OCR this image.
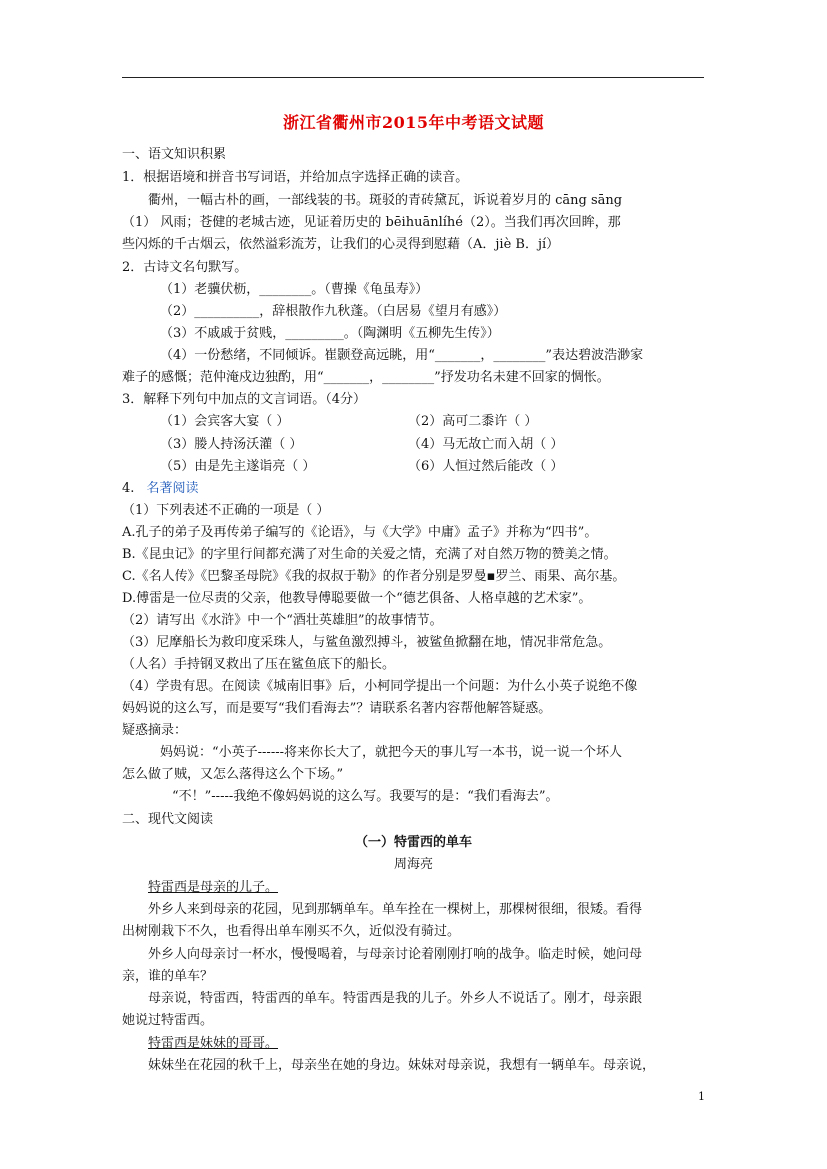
浙江省衢州市2015年中考语文试题
一、语文知识积累
1．根据语境和拼音书写词语，并给加点字选择正确的读音。
衢州，一幅古朴的画，一部线装的书。斑驳的青砖黛瓦，诉说着岁月的 cāng sāng
（1） 风雨；苍健的老城古迹，见证着历史的 bēihuānlíhé（2）。当我们再次回眸，那
些闪烁的千古烟云，依然溢彩流芳，让我们的心灵得到慰藉（A．jiè B．jí）
2．古诗文名句默写。
（1）老骥伏枥，________。（曹操《龟虽寿》）
（2）__________，辞根散作九秋蓬。（白居易《望月有感》）
（3）不戚戚于贫贱，_________。（陶渊明《五柳先生传》）
（4）一份愁绪，不同倾诉。崔颢登高远眺，用“_______，________”表达碧波浩渺家
难子的感慨；范仲淹戍边独酌，用“_______，________”抒发功名未建不回家的惆怅。
3．解释下列句中加点的文言词语。（4分）
（1）会宾客大宴（ ）	（2）高可二黍许（ ）
（3）媵人持汤沃灌（ ）	（4）马无故亡而入胡（ ）
（5）由是先主遂诣亮（ ）	（6）人恒过然后能改（ ）
4. 名著阅读
（1）下列表述不正确的一项是（ ）
A.孔子的弟子及再传弟子编写的《论语》，与《大学》中庸》孟子》并称为“四书”。
B.《昆虫记》的字里行间都充满了对生命的关爱之情，充满了对自然万物的赞美之情。
C.《名人传》《巴黎圣母院》《我的叔叔于勒》的作者分别是罗曼▪罗兰、雨果、高尔基。
D.傅雷是一位尽责的父亲，他教导傅聪要做一个“德艺俱备、人格卓越的艺术家”。
（2）请写出《水浒》中一个“酒壮英雄胆”的故事情节。
（3）尼摩船长为救印度采珠人，与鲨鱼激烈搏斗，被鲨鱼掀翻在地，情况非常危急。
（人名）手持钢叉救出了压在鲨鱼底下的船长。
（4）学贵有思。在阅读《城南旧事》后，小柯同学提出一个问题：为什么小英子说绝不像
妈妈说的这么写，而是要写“我们看海去”？请联系名著内容帮他解答疑惑。
疑惑摘录：
妈妈说：“小英子------将来你长大了，就把今天的事儿写一本书，说一说一个坏人
怎么做了贼，又怎么落得这么个下场。”
“不！”-----我绝不像妈妈说的这么写。我要写的是：“我们看海去”。
二、现代文阅读
（一）特雷西的单车
周海亮
特雷西是母亲的儿子。
外乡人来到母亲的花园，见到那辆单车。单车拴在一棵树上，那棵树很细，很矮。看得
出树刚栽下不久，也看得出单车刚买不久，近似没有骑过。
外乡人向母亲讨一杯水，慢慢喝着，与母亲讨论着刚刚打响的战争。临走时候，她问母
亲，谁的单车？
母亲说，特雷西，特雷西的单车。特雷西是我的儿子。外乡人不说话了。刚才，母亲跟
她说过特雷西。
特雷西是妹妹的哥哥。
妹妹坐在花园的秋千上，母亲坐在她的身边。妹妹对母亲说，我想有一辆单车。母亲说，
1
